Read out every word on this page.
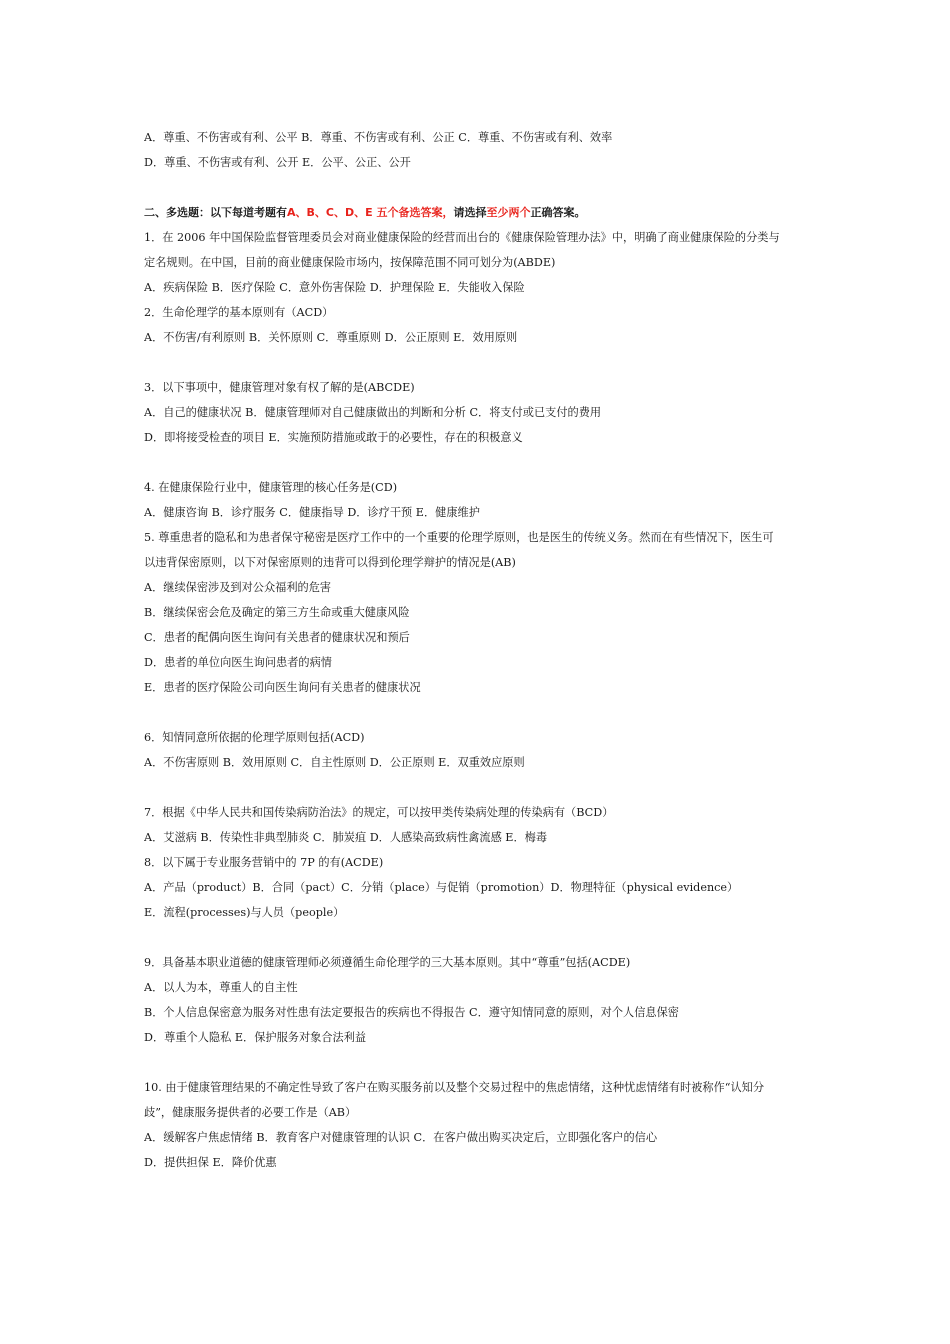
A．尊重、不伤害或有利、公平 B．尊重、不伤害或有利、公正 C．尊重、不伤害或有利、效率
D．尊重、不伤害或有利、公开 E．公平、公正、公开
二、多选题：以下每道考题有A、B、C、D、E 五个备选答案，请选择至少两个正确答案。
1．在 2006 年中国保险监督管理委员会对商业健康保险的经营而出台的《健康保险管理办法》中，明确了商业健康保险的分类与
定名规则。在中国，目前的商业健康保险市场内，按保障范围不同可划分为(ABDE)
A．疾病保险 B．医疗保险 C．意外伤害保险 D．护理保险 E．失能收入保险
2．生命伦理学的基本原则有（ACD）
A．不伤害/有利原则 B．关怀原则 C．尊重原则 D．公正原则 E．效用原则
3．以下事项中，健康管理对象有权了解的是(ABCDE)
A．自己的健康状况 B．健康管理师对自己健康做出的判断和分析 C．将支付或已支付的费用
D．即将接受检查的项目 E．实施预防措施或敢于的必要性，存在的积极意义
4. 在健康保险行业中，健康管理的核心任务是(CD)
A．健康咨询 B．诊疗服务 C．健康指导 D．诊疗干预 E．健康维护
5. 尊重患者的隐私和为患者保守秘密是医疗工作中的一个重要的伦理学原则，也是医生的传统义务。然而在有些情况下，医生可
以违背保密原则，以下对保密原则的违背可以得到伦理学辩护的情况是(AB)
A．继续保密涉及到对公众福利的危害
B．继续保密会危及确定的第三方生命或重大健康风险
C．患者的配偶向医生询问有关患者的健康状况和预后
D．患者的单位向医生询问患者的病情
E．患者的医疗保险公司向医生询问有关患者的健康状况
6．知情同意所依据的伦理学原则包括(ACD)
A．不伤害原则 B．效用原则 C．自主性原则 D．公正原则 E．双重效应原则
7．根据《中华人民共和国传染病防治法》的规定，可以按甲类传染病处理的传染病有（BCD）
A．艾滋病 B．传染性非典型肺炎 C．肺炭疽 D．人感染高致病性禽流感 E．梅毒
8．以下属于专业服务营销中的 7P 的有(ACDE)
A．产品（product）B．合同（pact）C．分销（place）与促销（promotion）D．物理特征（physical evidence）
E．流程(processes)与人员（people）
9．具备基本职业道德的健康管理师必须遵循生命伦理学的三大基本原则。其中“尊重”包括(ACDE)
A．以人为本，尊重人的自主性
B．个人信息保密意为服务对性患有法定要报告的疾病也不得报告 C．遵守知情同意的原则，对个人信息保密
D．尊重个人隐私 E．保护服务对象合法利益
10. 由于健康管理结果的不确定性导致了客户在购买服务前以及整个交易过程中的焦虑情绪，这种忧虑情绪有时被称作“认知分
歧”，健康服务提供者的必要工作是（AB）
A．缓解客户焦虑情绪 B．教育客户对健康管理的认识 C．在客户做出购买决定后，立即强化客户的信心
D．提供担保 E．降价优惠
